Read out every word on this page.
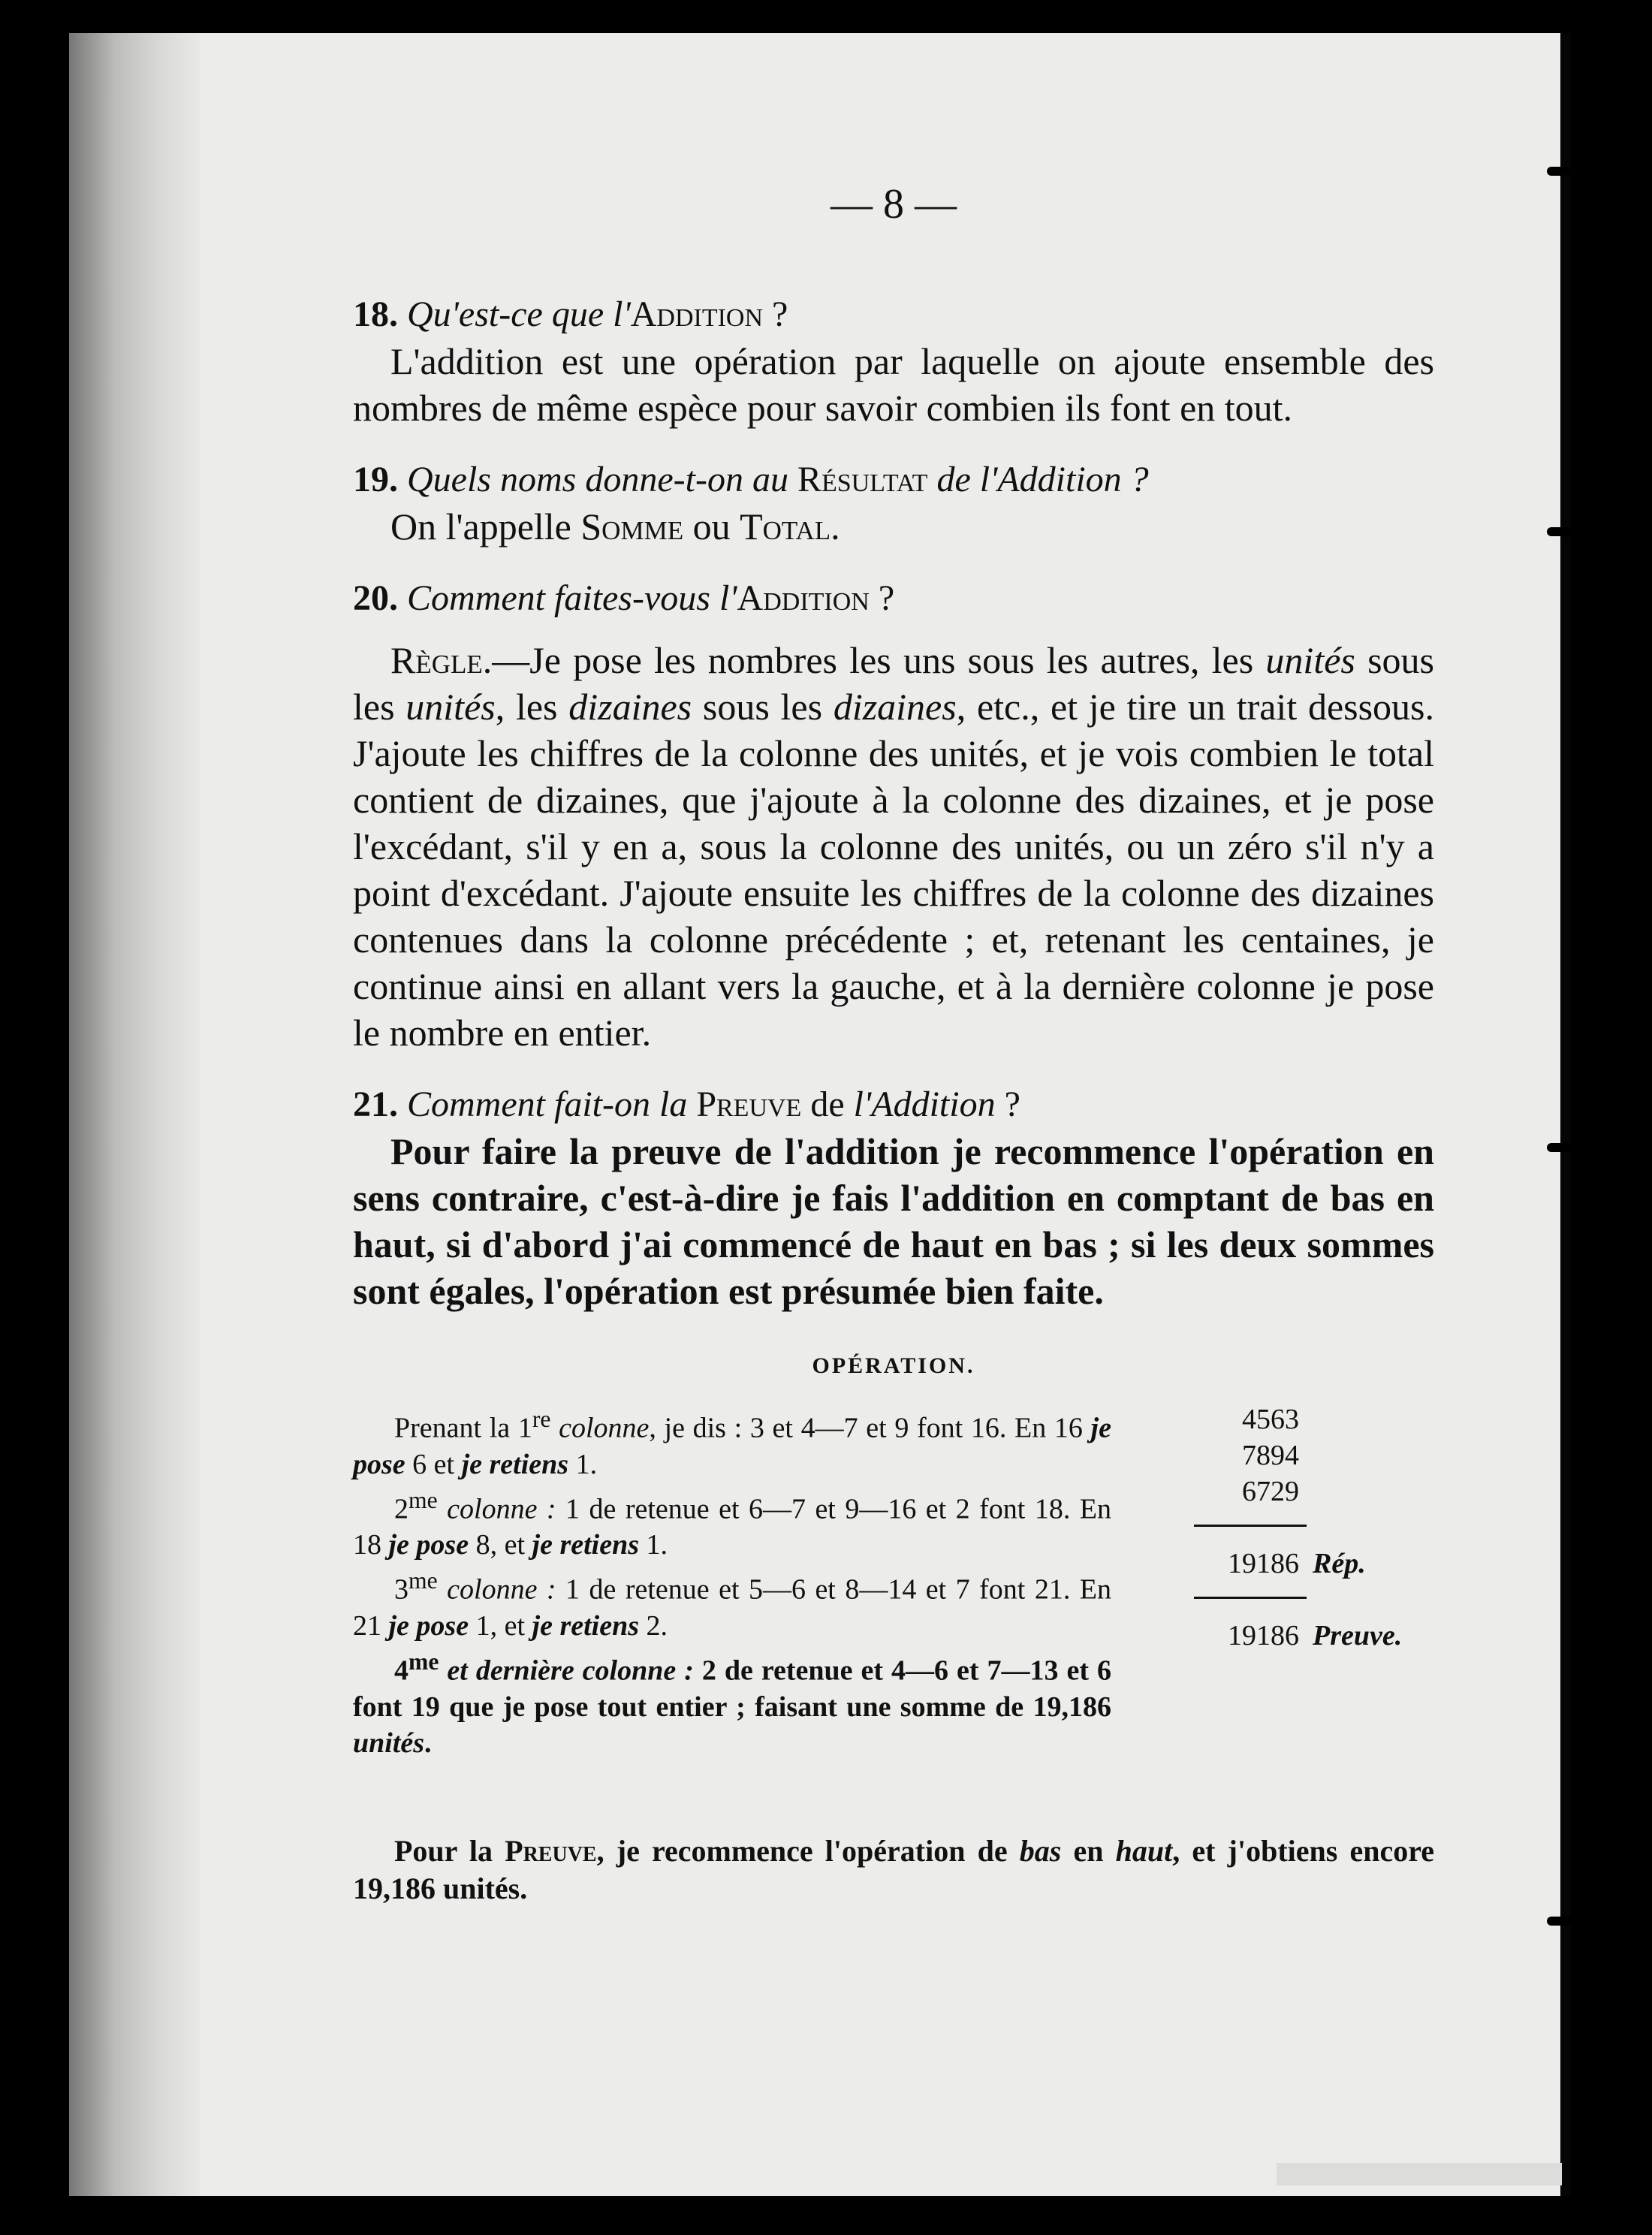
— 8 —

18. Qu'est-ce que l'Addition ?

L'addition est une opération par laquelle on ajoute ensemble des nombres de même espèce pour savoir combien ils font en tout.

19. Quels noms donne-t-on au Résultat de l'Addition ?

On l'appelle Somme ou Total.

20. Comment faites-vous l'Addition ?

Règle.—Je pose les nombres les uns sous les autres, les unités sous les unités, les dizaines sous les dizaines, etc., et je tire un trait dessous. J'ajoute les chiffres de la colonne des unités, et je vois combien le total contient de dizaines, que j'ajoute à la colonne des dizaines, et je pose l'excédant, s'il y en a, sous la colonne des unités, ou un zéro s'il n'y a point d'excédant. J'ajoute ensuite les chiffres de la colonne des dizaines contenues dans la colonne précédente ; et, retenant les centaines, je continue ainsi en allant vers la gauche, et à la dernière colonne je pose le nombre en entier.

21. Comment fait-on la Preuve de l'Addition ?

Pour faire la preuve de l'addition je recommence l'opération en sens contraire, c'est-à-dire je fais l'addition en comptant de bas en haut, si d'abord j'ai commencé de haut en bas ; si les deux sommes sont égales, l'opération est présumée bien faite.

OPÉRATION.

Prenant la 1re colonne, je dis : 3 et 4—7 et 9 font 16. En 16 je pose 6 et je retiens 1.

$2^{me}$ colonne : 1 de retenue et 6—7 et 9—16 et 2 font 18. En 18 je pose 8, et je retiens 1.

$3^{me}$ colonne : 1 de retenue et 5—6 et 8—14 et 7 font 21. En 21 je pose 1, et je retiens 2.

$4^{me}$ et dernière colonne : 2 de retenue et 4—6 et 7—13 et 6 font 19 que je pose tout entier ; faisant une somme de 19,186 unités.

4563
7894
6729
19186 Rép.
19186 Preuve.

Pour la Preuve, je recommence l'opération de bas en haut, et j'obtiens encore 19,186 unités.
